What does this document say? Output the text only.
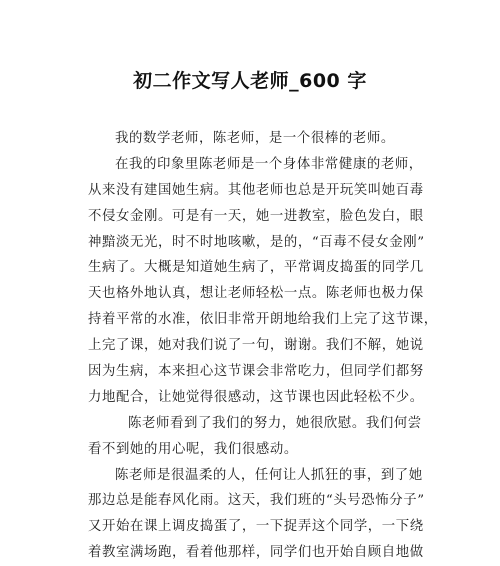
初二作文写人老师_600 字
我的数学老师，陈老师，是一个很棒的老师。
在我的印象里陈老师是一个身体非常健康的老师，
从来没有建国她生病。其他老师也总是开玩笑叫她百毒
不侵女金刚。可是有一天，她一进教室，脸色发白，眼
神黯淡无光，时不时地咳嗽，是的，“百毒不侵女金刚”
生病了。大概是知道她生病了，平常调皮捣蛋的同学几
天也格外地认真，想让老师轻松一点。陈老师也极力保
持着平常的水准，依旧非常开朗地给我们上完了这节课，
上完了课，她对我们说了一句，谢谢。我们不解，她说
因为生病，本来担心这节课会非常吃力，但同学们都努
力地配合，让她觉得很感动，这节课也因此轻松不少。
陈老师看到了我们的努力，她很欣慰。我们何尝
看不到她的用心呢，我们很感动。
陈老师是很温柔的人，任何让人抓狂的事，到了她
那边总是能春风化雨。这天，我们班的“头号恐怖分子”
又开始在课上调皮捣蛋了，一下捉弄这个同学，一下绕
着教室满场跑，看着他那样，同学们也开始自顾自地做
